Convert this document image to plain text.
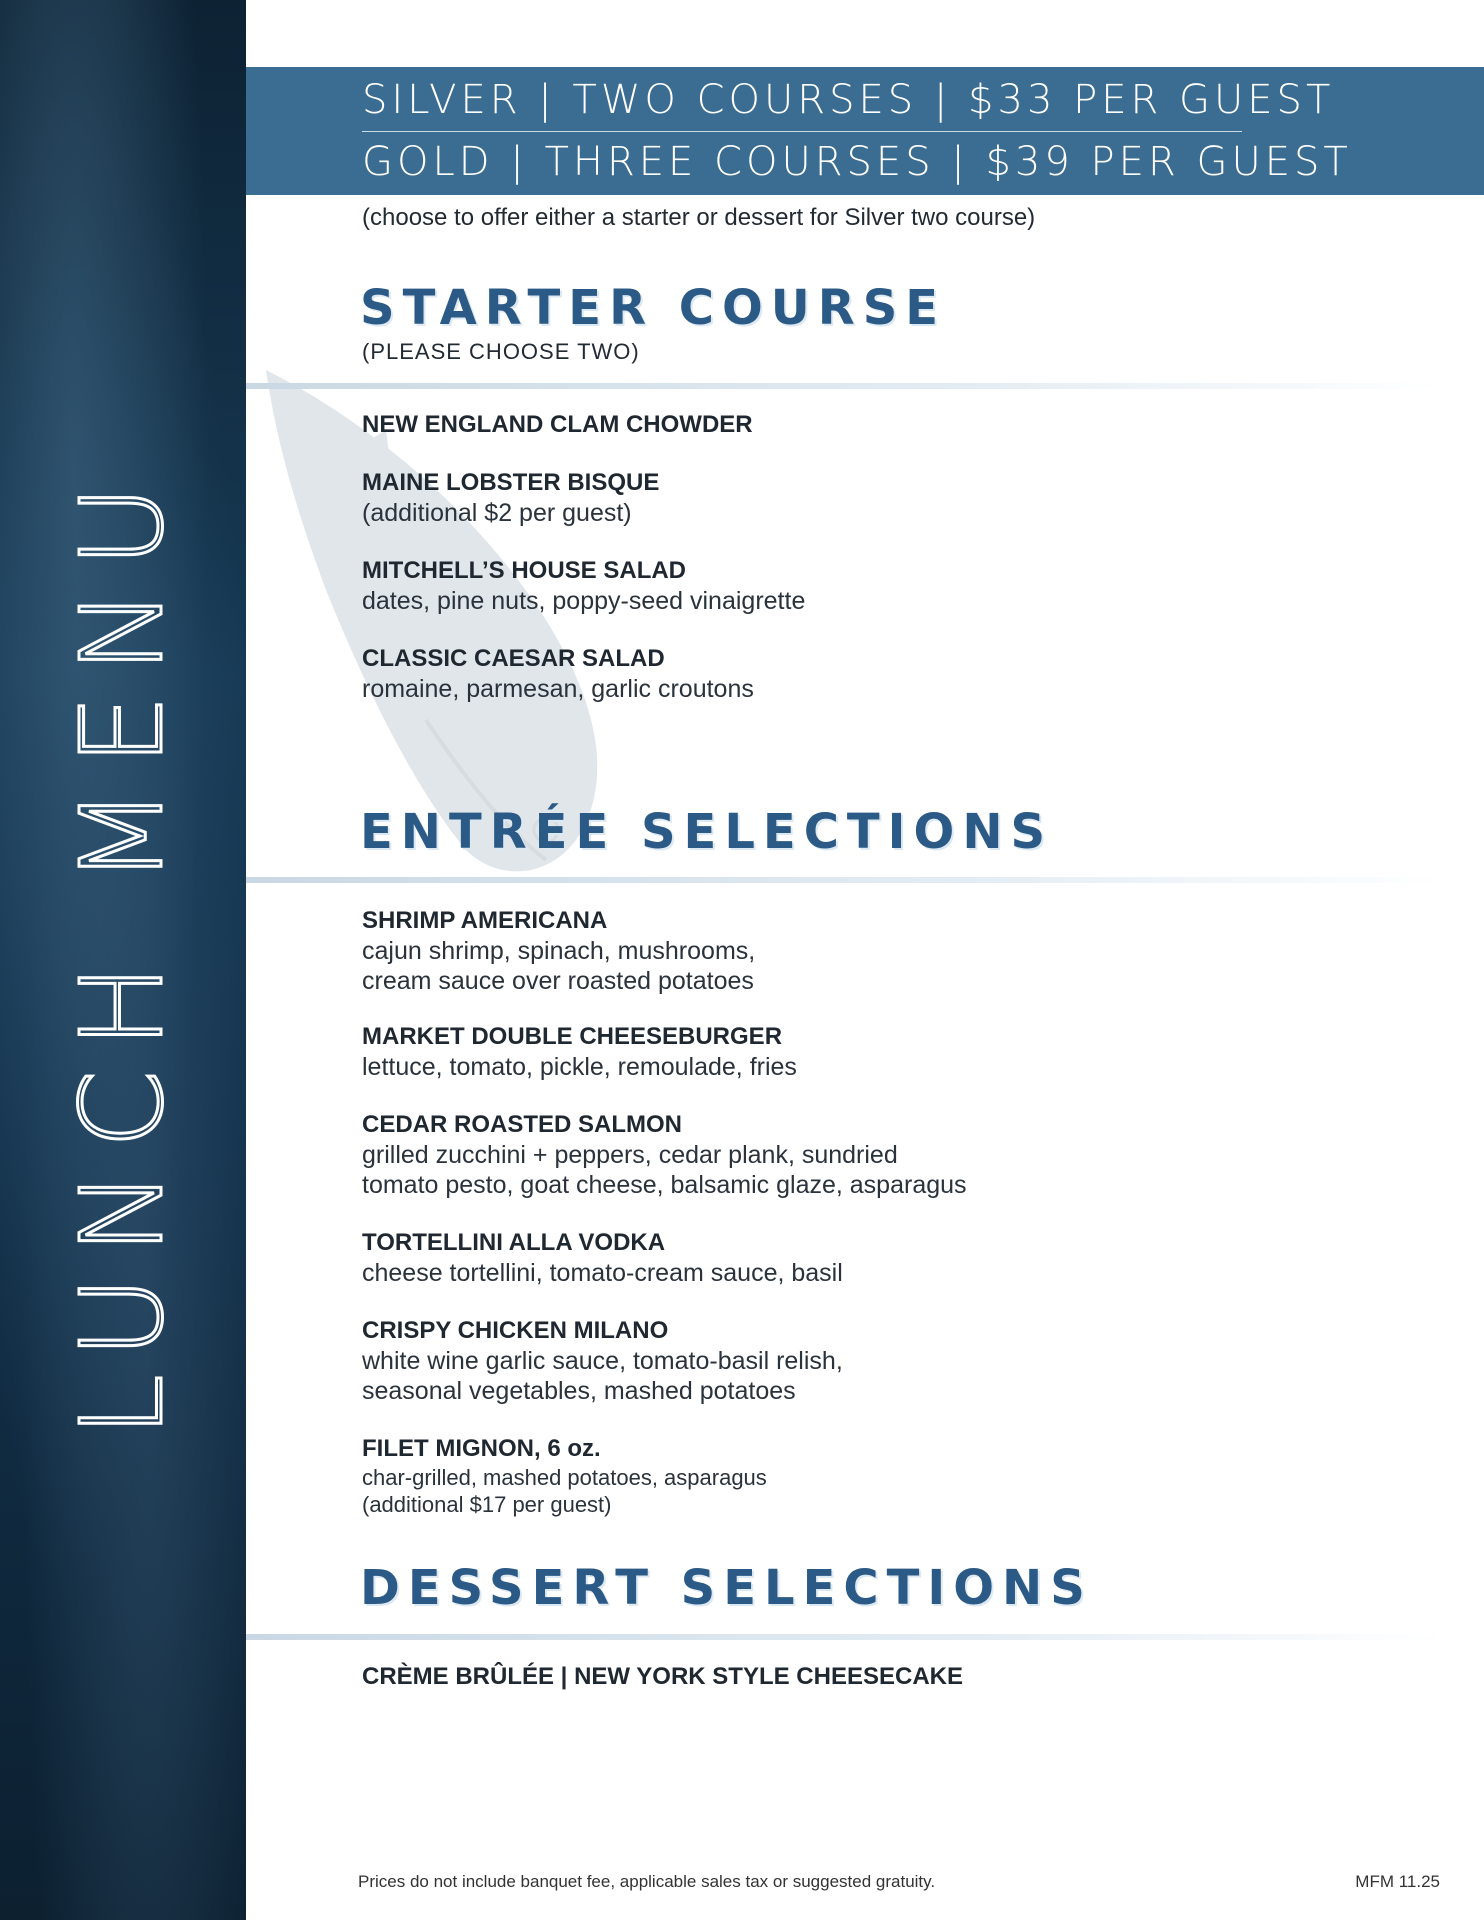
LUNCH MENU
SILVER | TWO COURSES | $33 PER GUEST
GOLD | THREE COURSES | $39 PER GUEST
(choose to offer either a starter or dessert for Silver two course)
STARTER COURSE
(PLEASE CHOOSE TWO)
NEW ENGLAND CLAM CHOWDER
MAINE LOBSTER BISQUE
(additional $2 per guest)
MITCHELL’S HOUSE SALAD
dates, pine nuts, poppy-seed vinaigrette
CLASSIC CAESAR SALAD
romaine, parmesan, garlic croutons
ENTRÉE SELECTIONS
SHRIMP AMERICANA
cajun shrimp, spinach, mushrooms,
cream sauce over roasted potatoes
MARKET DOUBLE CHEESEBURGER
lettuce, tomato, pickle, remoulade, fries
CEDAR ROASTED SALMON
grilled zucchini + peppers, cedar plank, sundried
tomato pesto, goat cheese, balsamic glaze, asparagus
TORTELLINI ALLA VODKA
cheese tortellini, tomato-cream sauce, basil
CRISPY CHICKEN MILANO
white wine garlic sauce, tomato-basil relish,
seasonal vegetables, mashed potatoes
FILET MIGNON, 6 oz.
char-grilled, mashed potatoes, asparagus
(additional $17 per guest)
DESSERT SELECTIONS
CRÈME BRÛLÉE | NEW YORK STYLE CHEESECAKE
Prices do not include banquet fee, applicable sales tax or suggested gratuity.	MFM 11.25
